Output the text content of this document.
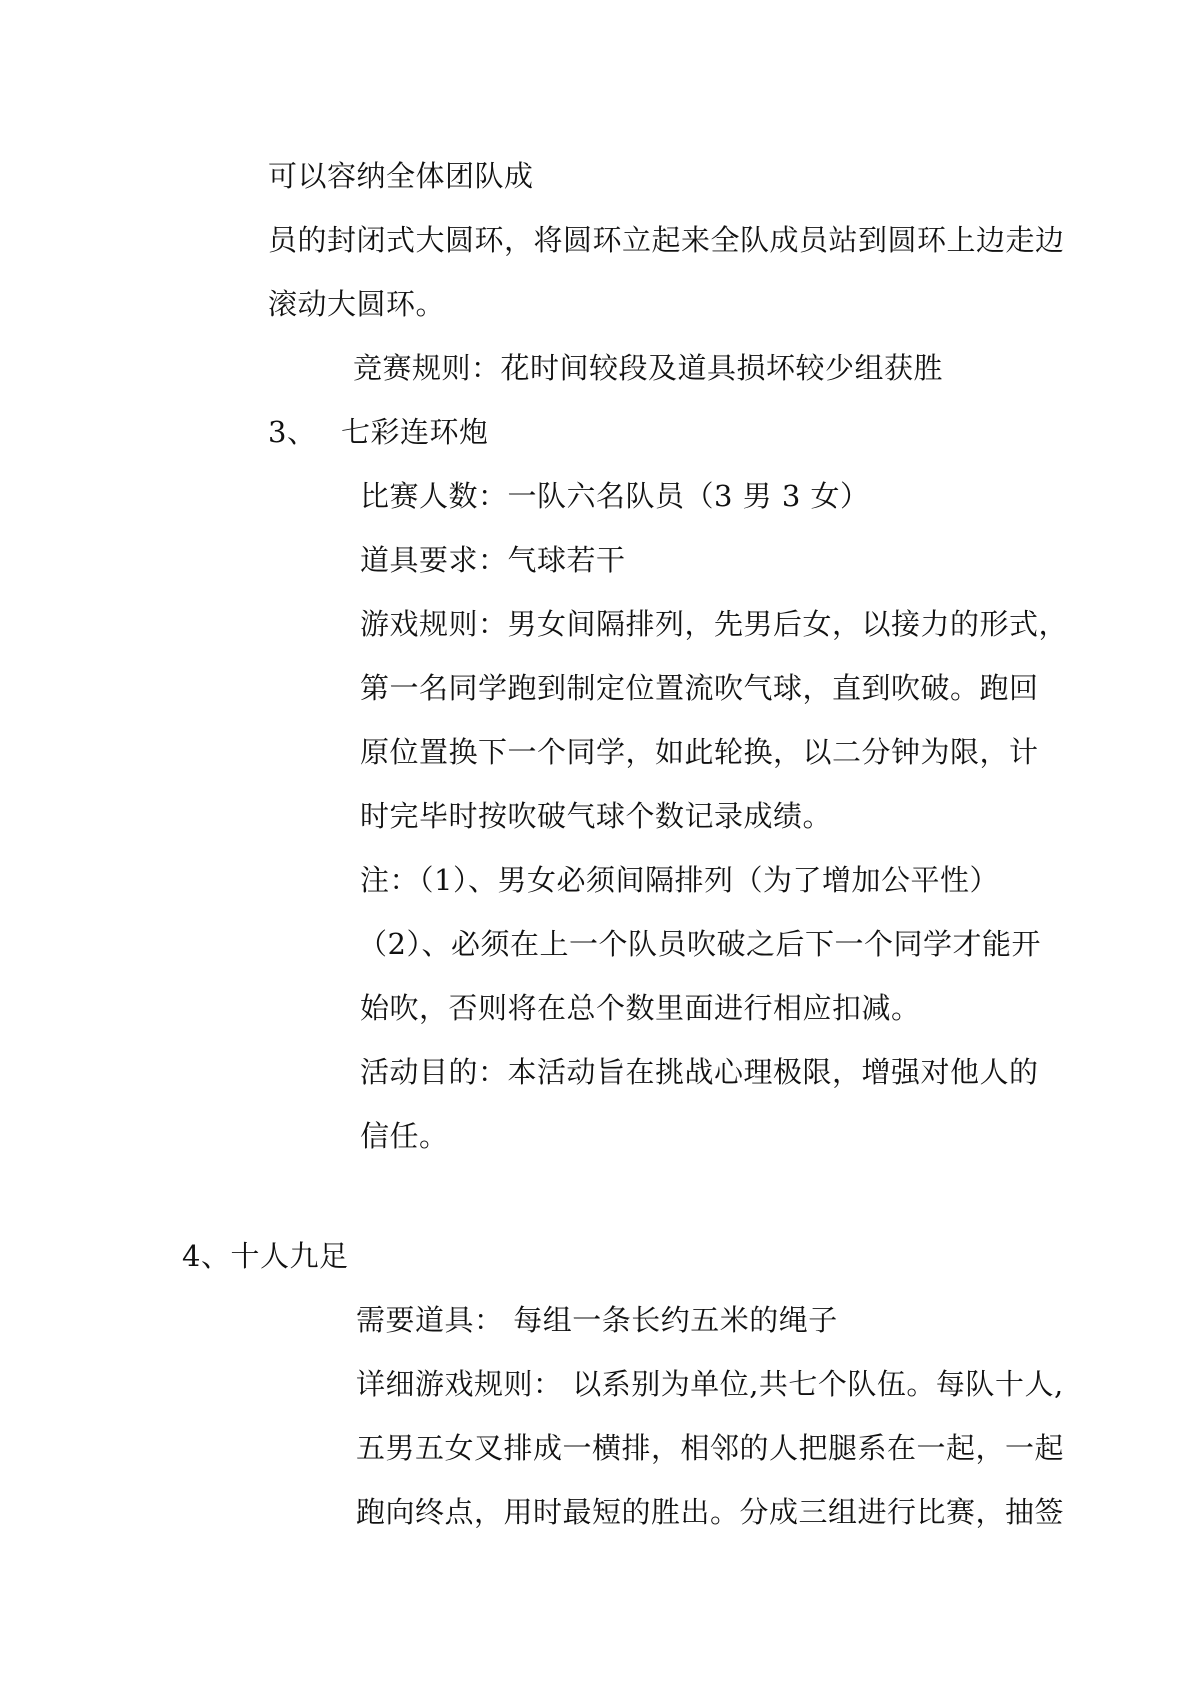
可以容纳全体团队成
员的封闭式大圆环，将圆环立起来全队成员站到圆环上边走边
滚动大圆环。
竞赛规则：花时间较段及道具损坏较少组获胜
3、 七彩连环炮
比赛人数：一队六名队员（3 男 3 女）
道具要求：气球若干
游戏规则：男女间隔排列，先男后女，以接力的形式，
第一名同学跑到制定位置流吹气球，直到吹破。跑回
原位置换下一个同学，如此轮换，以二分钟为限，计
时完毕时按吹破气球个数记录成绩。
注：（1）、男女必须间隔排列（为了增加公平性）
（2）、必须在上一个队员吹破之后下一个同学才能开
始吹，否则将在总个数里面进行相应扣减。
活动目的：本活动旨在挑战心理极限，增强对他人的
信任。
4、十人九足
需要道具： 每组一条长约五米的绳子
详细游戏规则： 以系别为单位,共七个队伍。每队十人,
五男五女叉排成一横排，相邻的人把腿系在一起，一起
跑向终点，用时最短的胜出。分成三组进行比赛，抽签
